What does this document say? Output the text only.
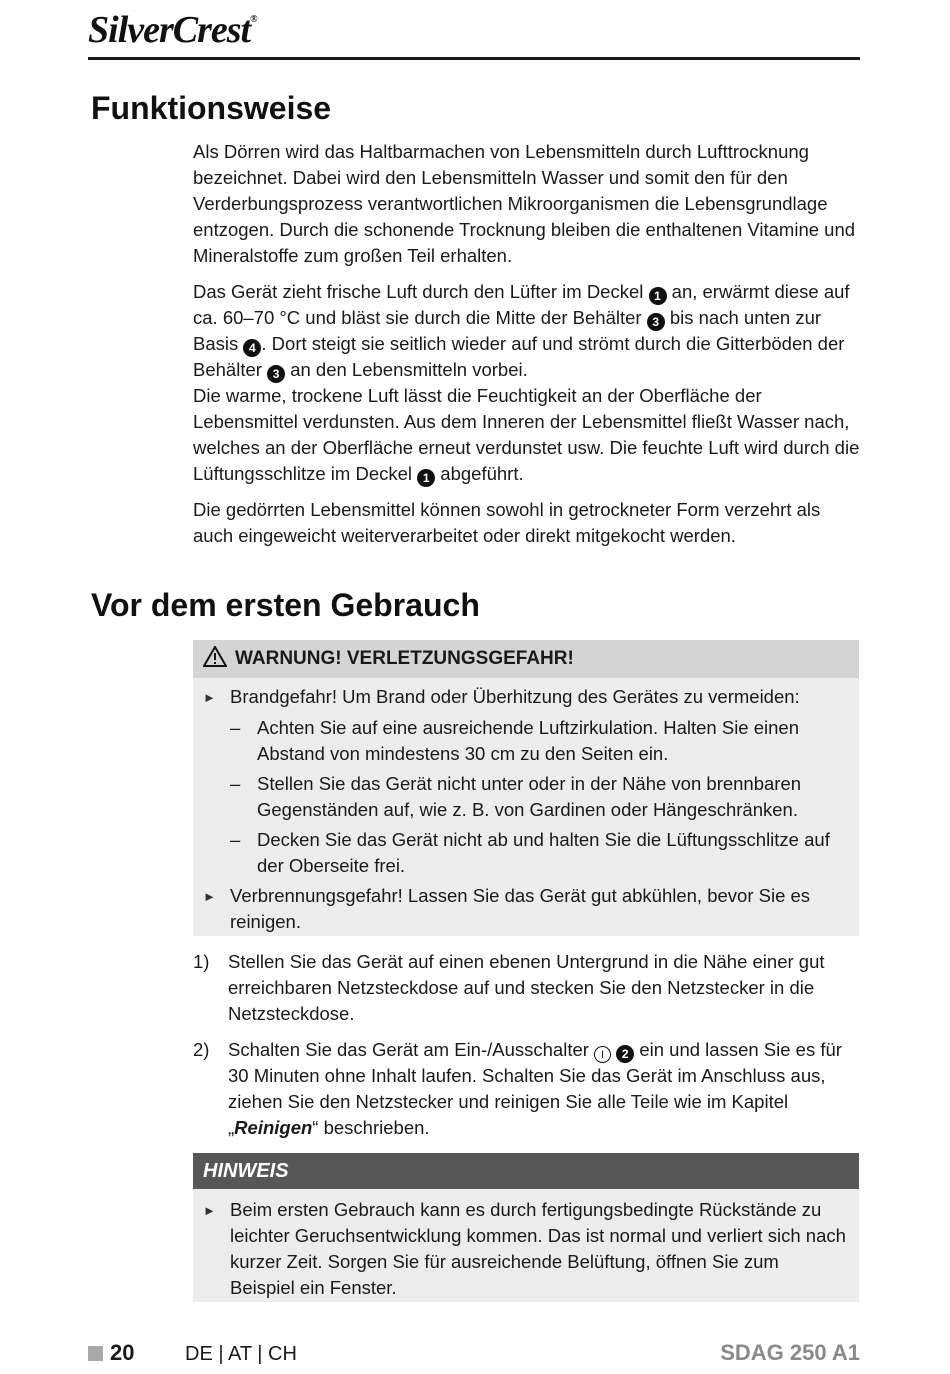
SilverCrest®
Funktionsweise

Als Dörren wird das Haltbarmachen von Lebensmitteln durch Lufttrocknung bezeichnet. Dabei wird den Lebensmitteln Wasser und somit den für den Verderbungsprozess verantwortlichen Mikroorganismen die Lebensgrundlage entzogen. Durch die schonende Trocknung bleiben die enthaltenen Vitamine und Mineralstoffe zum großen Teil erhalten.

Das Gerät zieht frische Luft durch den Lüfter im Deckel 1 an, erwärmt diese auf ca. 60–70 °C und bläst sie durch die Mitte der Behälter 3 bis nach unten zur Basis 4 . Dort steigt sie seitlich wieder auf und strömt durch die Gitterböden der Behälter 3 an den Lebensmitteln vorbei.
Die warme, trockene Luft lässt die Feuchtigkeit an der Oberfläche der Lebensmittel verdunsten. Aus dem Inneren der Lebensmittel fließt Wasser nach, welches an der Oberfläche erneut verdunstet usw. Die feuchte Luft wird durch die Lüftungsschlitze im Deckel 1 abgeführt.

Die gedörrten Lebensmittel können sowohl in getrockneter Form verzehrt als auch eingeweicht weiterverarbeitet oder direkt mitgekocht werden.

Vor dem ersten Gebrauch
WARNUNG! VERLETZUNGSGEFAHR!
► Brandgefahr! Um Brand oder Überhitzung des Gerätes zu vermeiden:
– Achten Sie auf eine ausreichende Luftzirkulation. Halten Sie einen Abstand von mindestens 30 cm zu den Seiten ein.
– Stellen Sie das Gerät nicht unter oder in der Nähe von brennbaren Gegenständen auf, wie z. B. von Gardinen oder Hängeschränken.
– Decken Sie das Gerät nicht ab und halten Sie die Lüftungsschlitze auf der Oberseite frei.
► Verbrennungsgefahr! Lassen Sie das Gerät gut abkühlen, bevor Sie es reinigen.
1)	Stellen Sie das Gerät auf einen ebenen Untergrund in die Nähe einer gut erreichbaren Netzsteckdose auf und stecken Sie den Netzstecker in die Netzsteckdose.
2)	Schalten Sie das Gerät am Ein-/Ausschalter I 2 ein und lassen Sie es für 30 Minuten ohne Inhalt laufen. Schalten Sie das Gerät im Anschluss aus, ziehen Sie den Netzstecker und reinigen Sie alle Teile wie im Kapitel „Reinigen“ beschrieben.
HINWEIS
► Beim ersten Gebrauch kann es durch fertigungsbedingte Rückstände zu leichter Geruchsentwicklung kommen. Das ist normal und verliert sich nach kurzer Zeit. Sorgen Sie für ausreichende Belüftung, öffnen Sie zum Beispiel ein Fenster.
20	DE | AT | CH	SDAG 250 A1
